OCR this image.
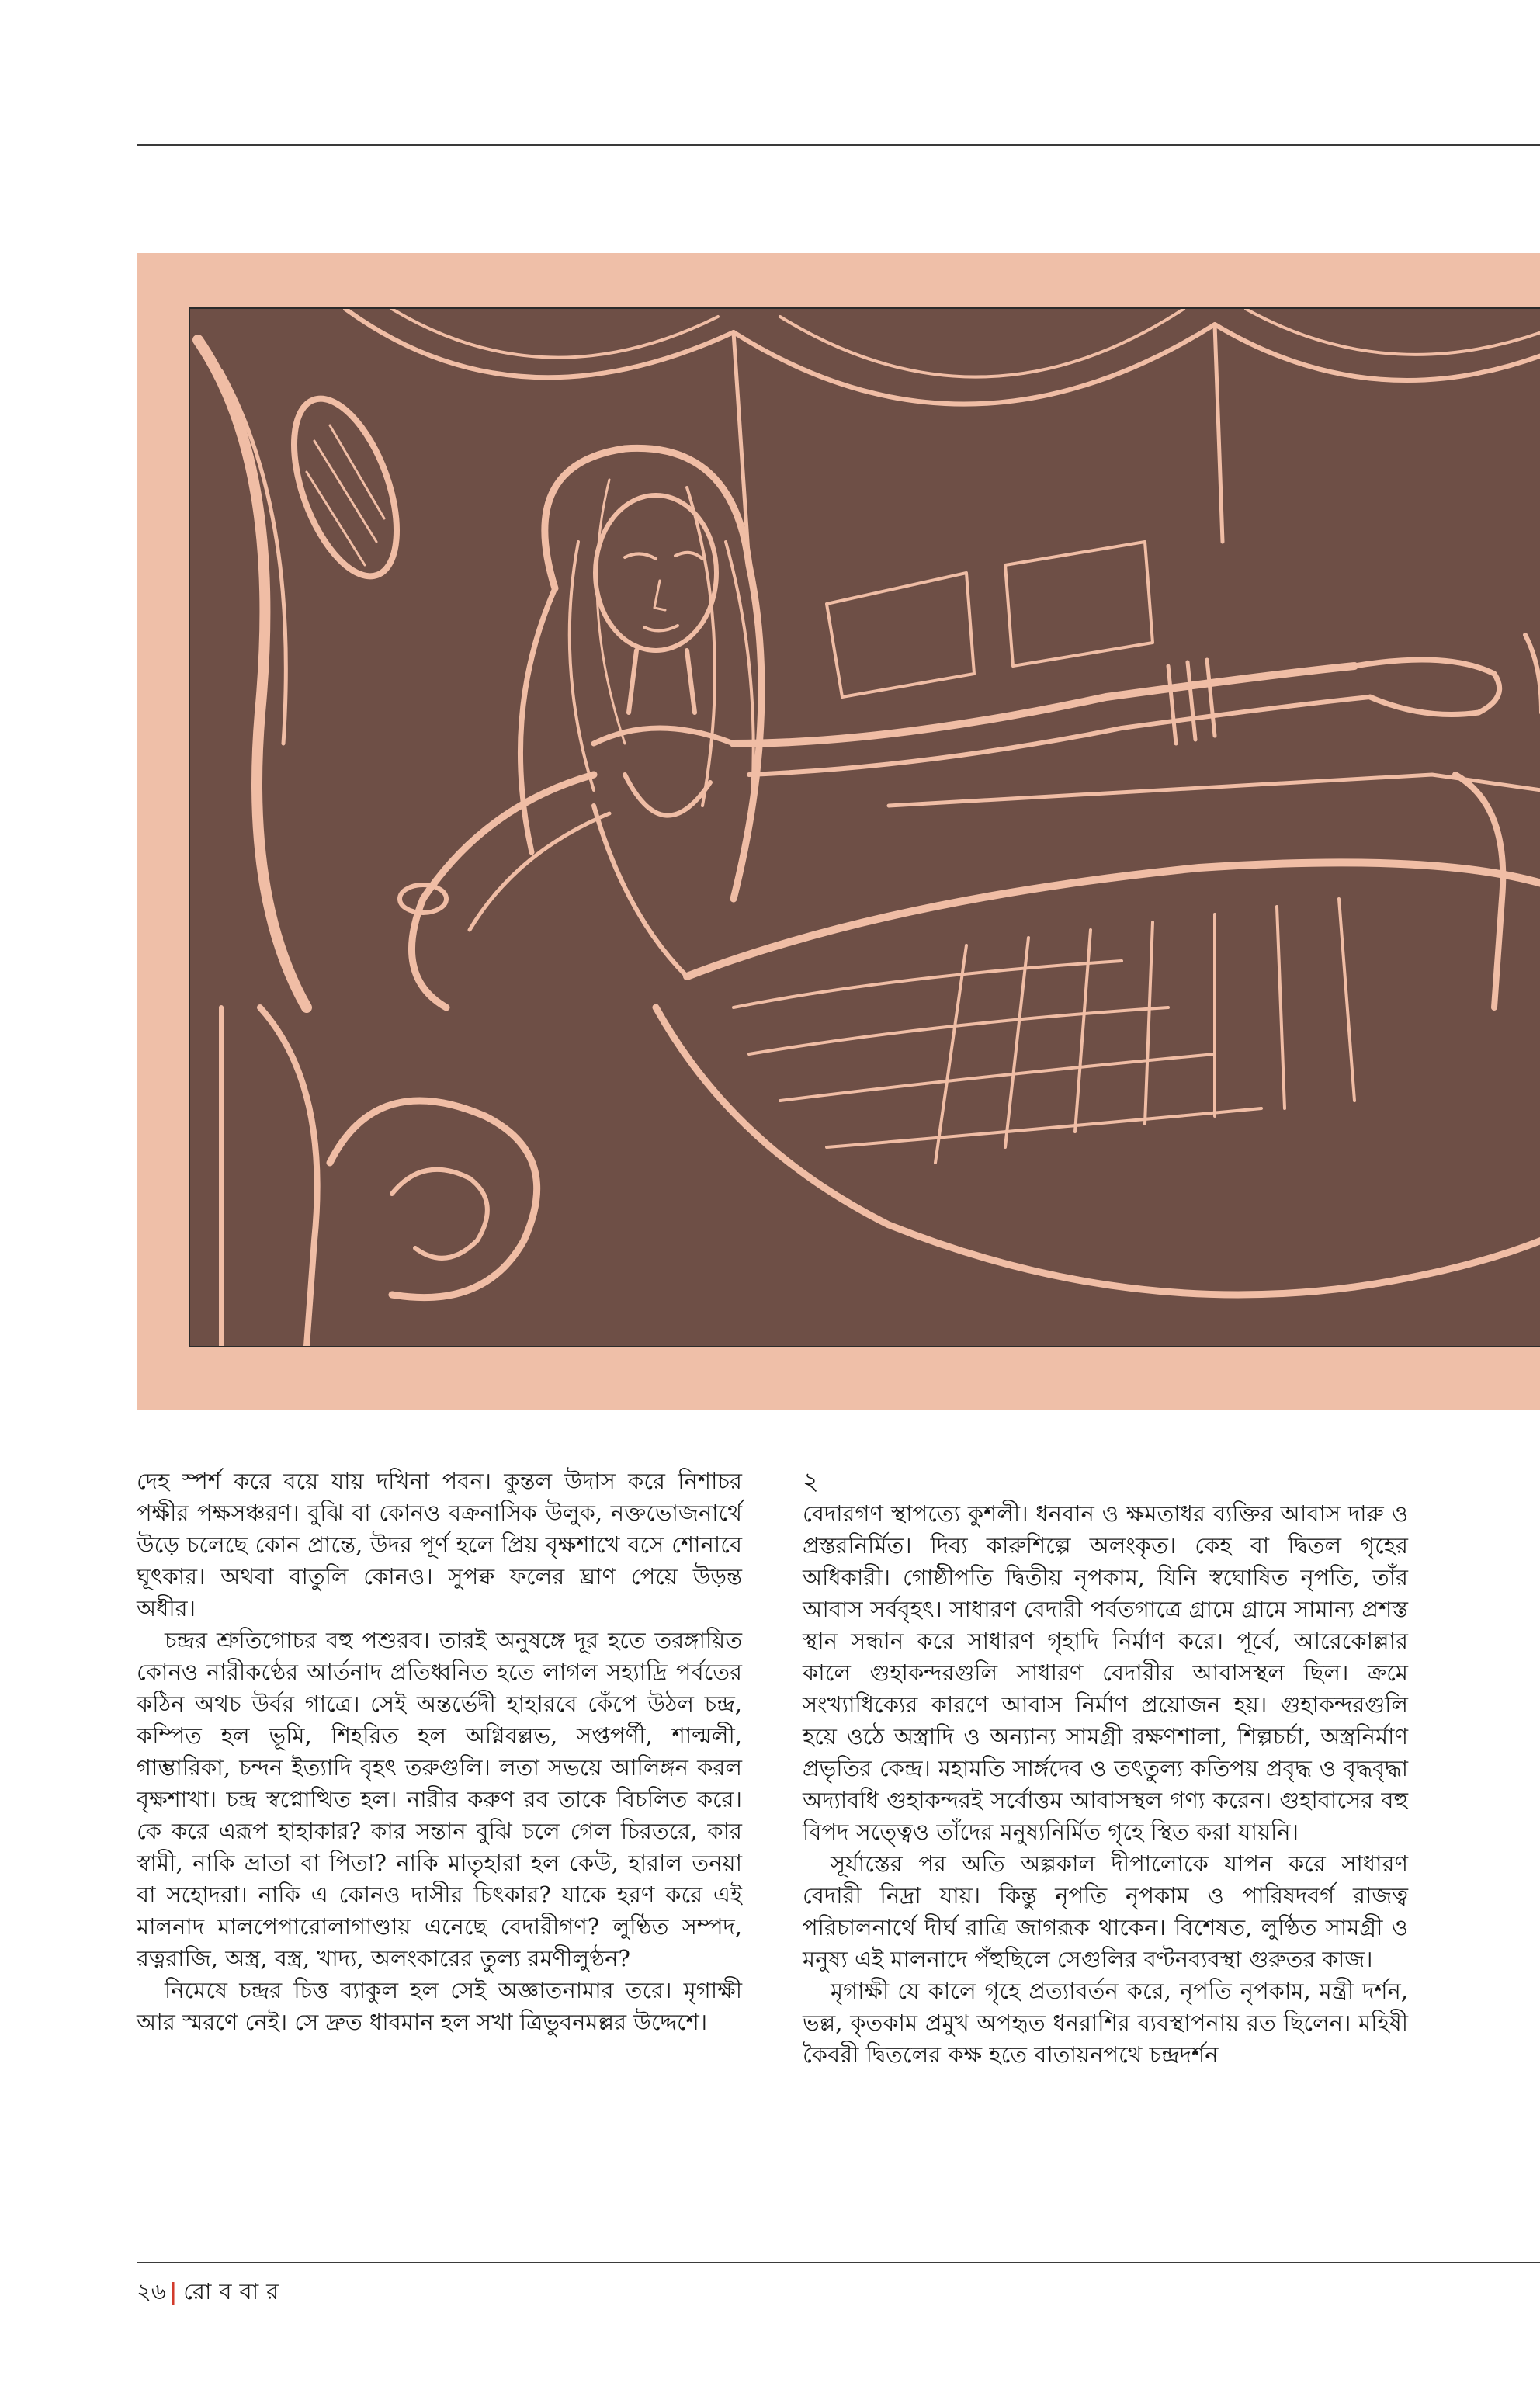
দেহ স্পর্শ করে বয়ে যায় দখিনা পবন। কুন্তল উদাস করে নিশাচর পক্ষীর পক্ষসঞ্চরণ। বুঝি বা কোনও বক্রনাসিক উলুক, নক্তভোজনার্থে উড়ে চলেছে কোন প্রান্তে, উদর পূর্ণ হলে প্রিয় বৃক্ষশাখে বসে শোনাবে ঘূৎকার। অথবা বাতুলি কোনও। সুপক্ব ফলের ঘ্রাণ পেয়ে উড়ন্ত অধীর।

চন্দ্রর শ্রুতিগোচর বহু পশুরব। তারই অনুষঙ্গে দূর হতে তরঙ্গায়িত কোনও নারীকণ্ঠের আর্তনাদ প্রতিধ্বনিত হতে লাগল সহ্যাদ্রি পর্বতের কঠিন অথচ উর্বর গাত্রে। সেই অন্তর্ভেদী হাহারবে কেঁপে উঠল চন্দ্র, কম্পিত হল ভূমি, শিহরিত হল অগ্নিবল্লভ, সপ্তপর্ণী, শাল্মলী, গাম্ভারিকা, চন্দন ইত্যাদি বৃহৎ তরুগুলি। লতা সভয়ে আলিঙ্গন করল বৃক্ষশাখা। চন্দ্র স্বপ্নোত্থিত হল। নারীর করুণ রব তাকে বিচলিত করে। কে করে এরূপ হাহাকার? কার সন্তান বুঝি চলে গেল চিরতরে, কার স্বামী, নাকি ভ্রাতা বা পিতা? নাকি মাতৃহারা হল কেউ, হারাল তনয়া বা সহোদরা। নাকি এ কোনও দাসীর চিৎকার? যাকে হরণ করে এই মালনাদ মালপেপারোলাগাণ্ডায় এনেছে বেদারীগণ? লুণ্ঠিত সম্পদ, রত্নরাজি, অস্ত্র, বস্ত্র, খাদ্য, অলংকারের তুল্য রমণীলুণ্ঠন?

নিমেষে চন্দ্রর চিত্ত ব্যাকুল হল সেই অজ্ঞাতনামার তরে। মৃগাক্ষী আর স্মরণে নেই। সে দ্রুত ধাবমান হল সখা ত্রিভুবনমল্লর উদ্দেশে।

২

বেদারগণ স্থাপত্যে কুশলী। ধনবান ও ক্ষমতাধর ব্যক্তির আবাস দারু ও প্রস্তরনির্মিত। দিব্য কারুশিল্পে অলংকৃত। কেহ বা দ্বিতল গৃহের অধিকারী। গোষ্ঠীপতি দ্বিতীয় নৃপকাম, যিনি স্বঘোষিত নৃপতি, তাঁর আবাস সর্ববৃহৎ। সাধারণ বেদারী পর্বতগাত্রে গ্রামে গ্রামে সামান্য প্রশস্ত স্থান সন্ধান করে সাধারণ গৃহাদি নির্মাণ করে। পূর্বে, আরেকোল্লার কালে গুহাকন্দরগুলি সাধারণ বেদারীর আবাসস্থল ছিল। ক্রমে সংখ্যাধিক্যের কারণে আবাস নির্মাণ প্রয়োজন হয়। গুহাকন্দরগুলি হয়ে ওঠে অস্ত্রাদি ও অন্যান্য সামগ্রী রক্ষণশালা, শিল্পচর্চা, অস্ত্রনির্মাণ প্রভৃতির কেন্দ্র। মহামতি সার্ঙ্গদেব ও তৎতুল্য কতিপয় প্রবৃদ্ধ ও বৃদ্ধবৃদ্ধা অদ্যাবধি গুহাকন্দরই সর্বোত্তম আবাসস্থল গণ্য করেন। গুহাবাসের বহু বিপদ সত্ত্বেও তাঁদের মনুষ্যনির্মিত গৃহে স্থিত করা যায়নি।

সূর্যাস্তের পর অতি অল্পকাল দীপালোকে যাপন করে সাধারণ বেদারী নিদ্রা যায়। কিন্তু নৃপতি নৃপকাম ও পারিষদবর্গ রাজত্ব পরিচালনার্থে দীর্ঘ রাত্রি জাগরূক থাকেন। বিশেষত, লুণ্ঠিত সামগ্রী ও মনুষ্য এই মালনাদে পঁহুছিলে সেগুলির বণ্টনব্যবস্থা গুরুতর কাজ।

মৃগাক্ষী যে কালে গৃহে প্রত্যাবর্তন করে, নৃপতি নৃপকাম, মন্ত্রী দর্শন, ভল্ল, কৃতকাম প্রমুখ অপহৃত ধনরাশির ব্যবস্থাপনায় রত ছিলেন। মহিষী কৈবরী দ্বিতলের কক্ষ হতে বাতায়নপথে চন্দ্রদর্শন

২৬ | রোববার
